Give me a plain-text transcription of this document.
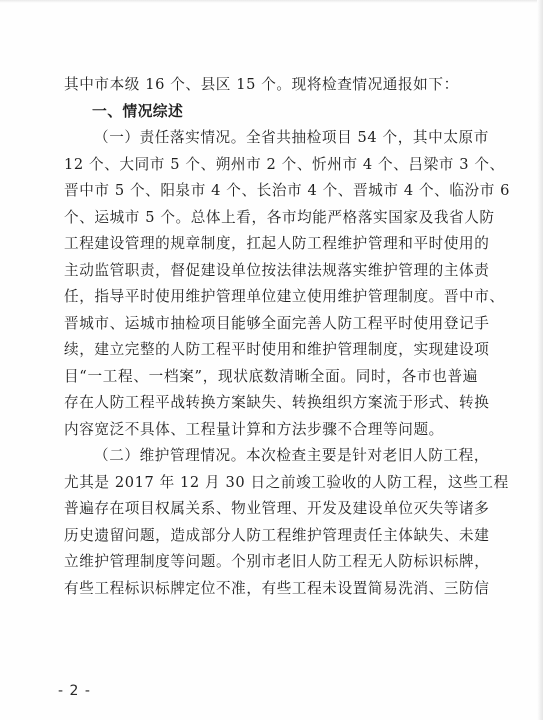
其中市本级 16 个、县区 15 个。现将检查情况通报如下：
一、情况综述
（一）责任落实情况。全省共抽检项目 54 个，其中太原市
12 个、大同市 5 个、朔州市 2 个、忻州市 4 个、吕梁市 3 个、
晋中市 5 个、阳泉市 4 个、长治市 4 个、晋城市 4 个、临汾市 6
个、运城市 5 个。总体上看，各市均能严格落实国家及我省人防
工程建设管理的规章制度，扛起人防工程维护管理和平时使用的
主动监管职责，督促建设单位按法律法规落实维护管理的主体责
任，指导平时使用维护管理单位建立使用维护管理制度。晋中市、
晋城市、运城市抽检项目能够全面完善人防工程平时使用登记手
续，建立完整的人防工程平时使用和维护管理制度，实现建设项
目“一工程、一档案”，现状底数清晰全面。同时，各市也普遍
存在人防工程平战转换方案缺失、转换组织方案流于形式、转换
内容宽泛不具体、工程量计算和方法步骤不合理等问题。
（二）维护管理情况。本次检查主要是针对老旧人防工程，
尤其是 2017 年 12 月 30 日之前竣工验收的人防工程，这些工程
普遍存在项目权属关系、物业管理、开发及建设单位灭失等诸多
历史遗留问题，造成部分人防工程维护管理责任主体缺失、未建
立维护管理制度等问题。个别市老旧人防工程无人防标识标牌，
有些工程标识标牌定位不准，有些工程未设置简易洗消、三防信
- 2 -
